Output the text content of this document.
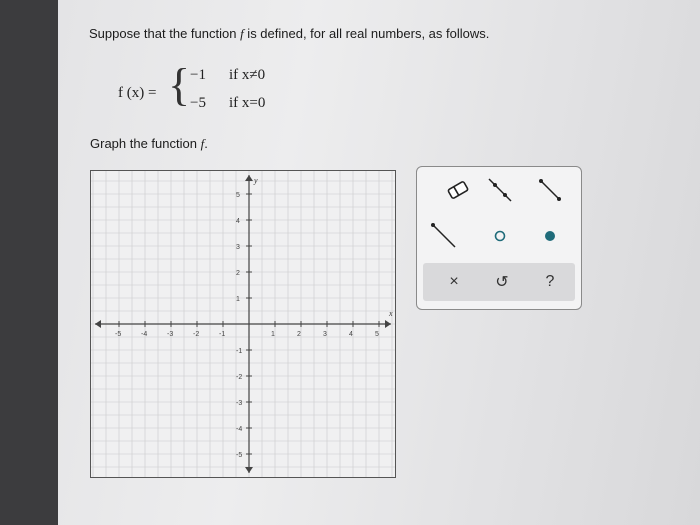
Suppose that the function f is defined, for all real numbers, as follows.
f (x) = { −1 if x≠0
−5 if x=0
Graph the function f.
x
y
-5	-4	-3	-2	-1	1	2	3	4	5
5
4
3
2
1
-1
-2
-3
-4
-5
×	↺	?
